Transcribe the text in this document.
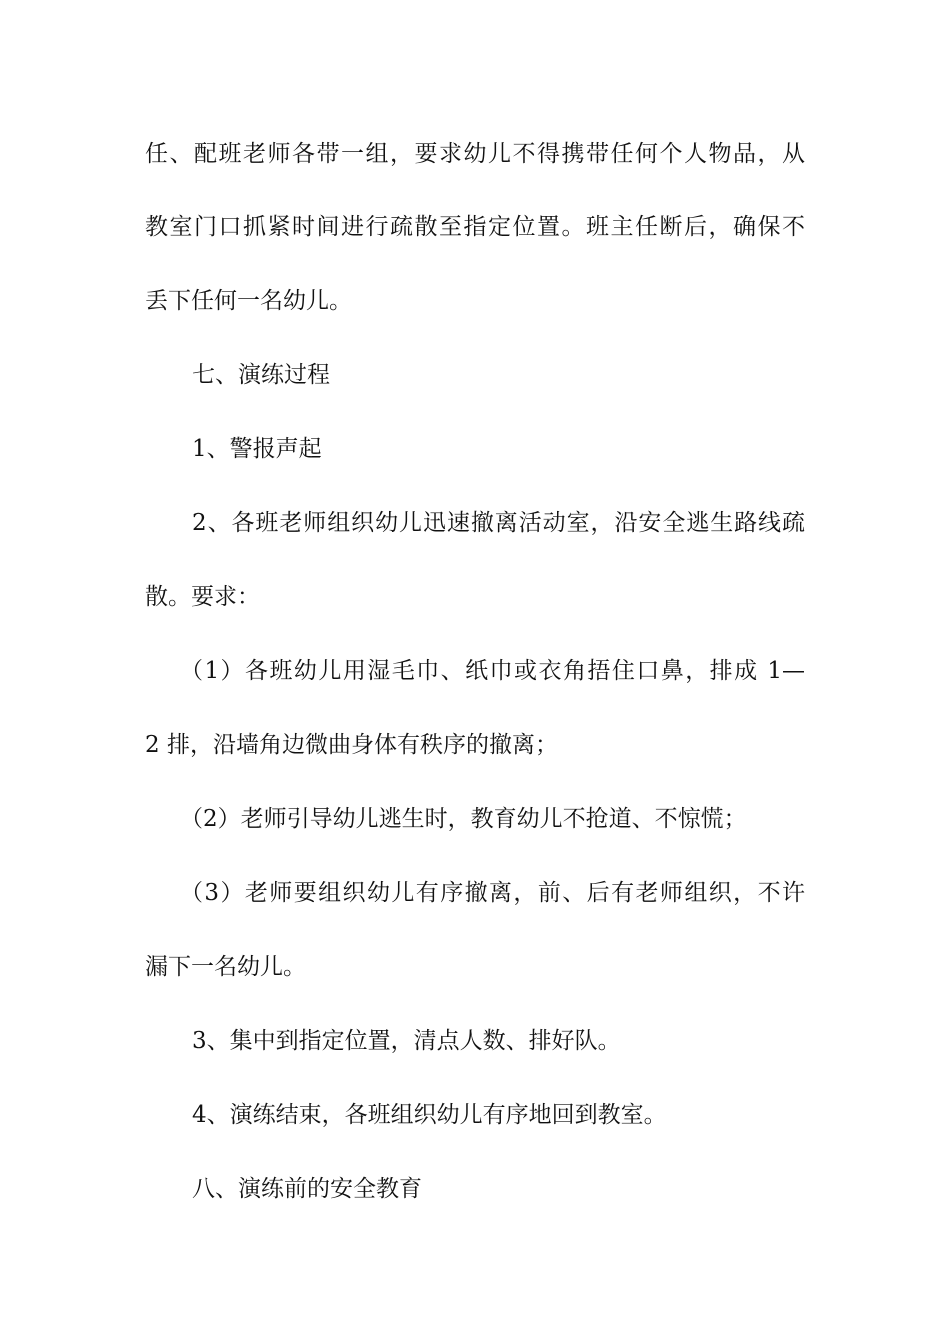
任、配班老师各带一组，要求幼儿不得携带任何个人物品，从
教室门口抓紧时间进行疏散至指定位置。班主任断后，确保不
丢下任何一名幼儿。
七、演练过程
1、警报声起
2、各班老师组织幼儿迅速撤离活动室，沿安全逃生路线疏
散。要求：
（1）各班幼儿用湿毛巾、纸巾或衣角捂住口鼻，排成 1—
2 排，沿墙角边微曲身体有秩序的撤离；
（2）老师引导幼儿逃生时，教育幼儿不抢道、不惊慌；
（3）老师要组织幼儿有序撤离，前、后有老师组织，不许
漏下一名幼儿。
3、集中到指定位置，清点人数、排好队。
4、演练结束，各班组织幼儿有序地回到教室。
八、演练前的安全教育
